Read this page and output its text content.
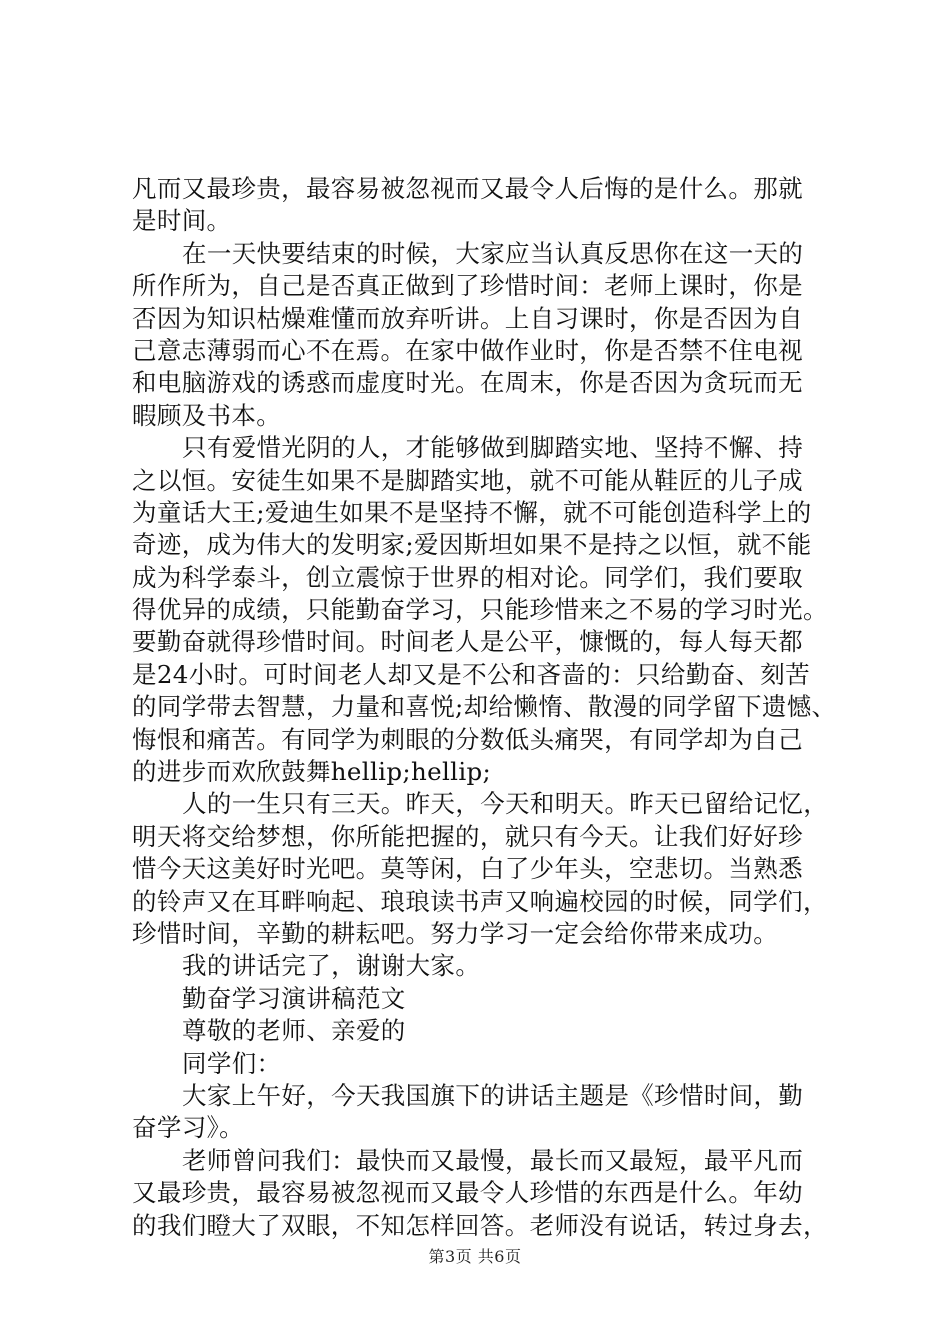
凡而又最珍贵，最容易被忽视而又最令人后悔的是什么。那就
是时间。
在一天快要结束的时候，大家应当认真反思你在这一天的
所作所为，自己是否真正做到了珍惜时间：老师上课时，你是
否因为知识枯燥难懂而放弃听讲。上自习课时，你是否因为自
己意志薄弱而心不在焉。在家中做作业时，你是否禁不住电视
和电脑游戏的诱惑而虚度时光。在周末，你是否因为贪玩而无
暇顾及书本。
只有爱惜光阴的人，才能够做到脚踏实地、坚持不懈、持
之以恒。安徒生如果不是脚踏实地，就不可能从鞋匠的儿子成
为童话大王;爱迪生如果不是坚持不懈，就不可能创造科学上的
奇迹，成为伟大的发明家;爱因斯坦如果不是持之以恒，就不能
成为科学泰斗，创立震惊于世界的相对论。同学们，我们要取
得优异的成绩，只能勤奋学习，只能珍惜来之不易的学习时光。
要勤奋就得珍惜时间。时间老人是公平，慷慨的，每人每天都
是24小时。可时间老人却又是不公和吝啬的：只给勤奋、刻苦
的同学带去智慧，力量和喜悦;却给懒惰、散漫的同学留下遗憾、
悔恨和痛苦。有同学为刺眼的分数低头痛哭，有同学却为自己
的进步而欢欣鼓舞hellip;hellip;
人的一生只有三天。昨天，今天和明天。昨天已留给记忆，
明天将交给梦想，你所能把握的，就只有今天。让我们好好珍
惜今天这美好时光吧。莫等闲，白了少年头，空悲切。当熟悉
的铃声又在耳畔响起、琅琅读书声又响遍校园的时候，同学们，
珍惜时间，辛勤的耕耘吧。努力学习一定会给你带来成功。
我的讲话完了，谢谢大家。
勤奋学习演讲稿范文
尊敬的老师、亲爱的
同学们：
大家上午好，今天我国旗下的讲话主题是《珍惜时间，勤
奋学习》。
老师曾问我们：最快而又最慢，最长而又最短，最平凡而
又最珍贵，最容易被忽视而又最令人珍惜的东西是什么。年幼
的我们瞪大了双眼，不知怎样回答。老师没有说话，转过身去，
第3页 共6页
